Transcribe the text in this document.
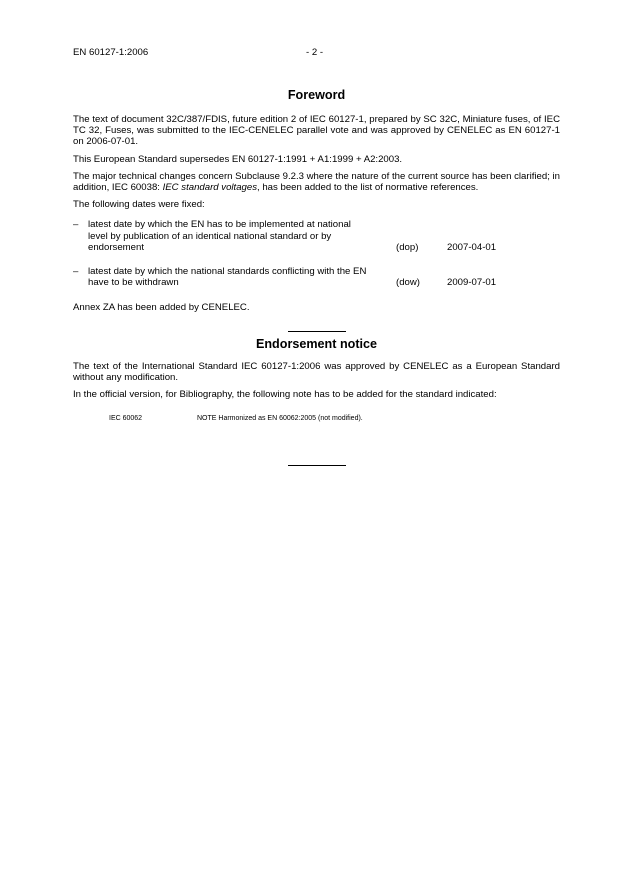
EN 60127-1:2006	- 2 -
Foreword

The text of document 32C/387/FDIS, future edition 2 of IEC 60127-1, prepared by SC 32C, Miniature fuses, of IEC TC 32, Fuses, was submitted to the IEC-CENELEC parallel vote and was approved by CENELEC as EN 60127-1 on 2006-07-01.

This European Standard supersedes EN 60127-1:1991 + A1:1999 + A2:2003.

The major technical changes concern Subclause 9.2.3 where the nature of the current source has been clarified; in addition, IEC 60038: IEC standard voltages, has been added to the list of normative references.

The following dates were fixed:

– latest date by which the EN has to be implemented at national level by publication of an identical national standard or by endorsement	(dop)	2007-04-01
– latest date by which the national standards conflicting with the EN have to be withdrawn	(dow)	2009-07-01

Annex ZA has been added by CENELEC.

Endorsement notice

The text of the International Standard IEC 60127-1:2006 was approved by CENELEC as a European Standard without any modification.

In the official version, for Bibliography, the following note has to be added for the standard indicated:

IEC 60062	NOTE Harmonized as EN 60062:2005 (not modified).
